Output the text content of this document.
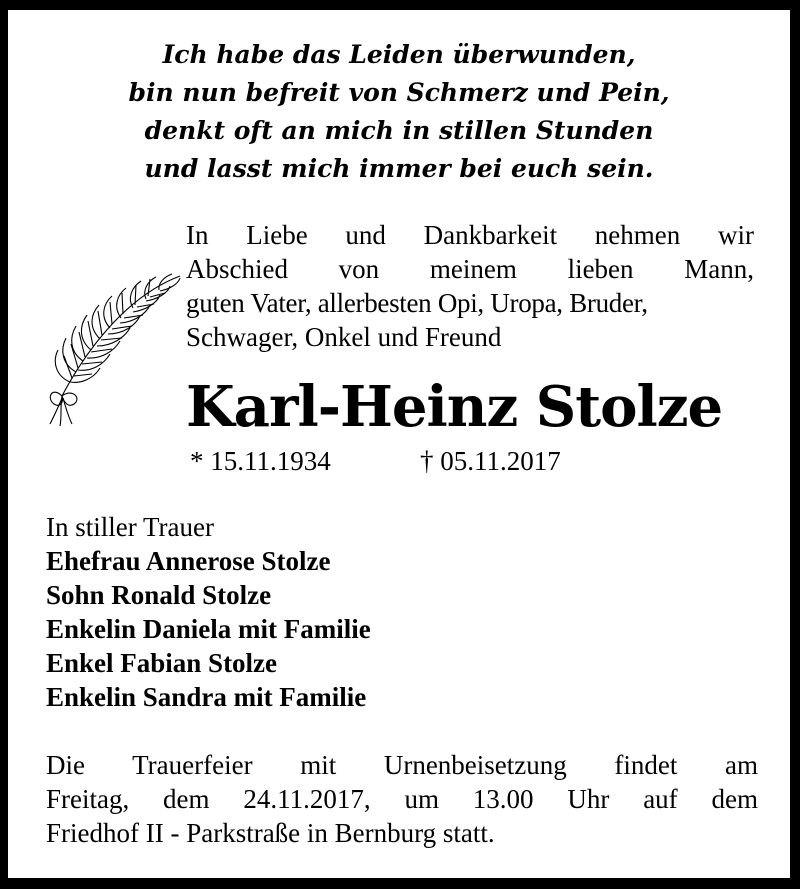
Ich habe das Leiden überwunden,
bin nun befreit von Schmerz und Pein,
denkt oft an mich in stillen Stunden
und lasst mich immer bei euch sein.
In Liebe und Dankbarkeit nehmen wir
Abschied von meinem lieben Mann,
guten Vater, allerbesten Opi, Uropa, Bruder,
Schwager, Onkel und Freund
Karl-Heinz Stolze
* 15.11.1934	† 05.11.2017
In stiller Trauer
Ehefrau Annerose Stolze
Sohn Ronald Stolze
Enkelin Daniela mit Familie
Enkel Fabian Stolze
Enkelin Sandra mit Familie
Die Trauerfeier mit Urnenbeisetzung findet am
Freitag, dem 24.11.2017, um 13.00 Uhr auf dem
Friedhof II - Parkstraße in Bernburg statt.
